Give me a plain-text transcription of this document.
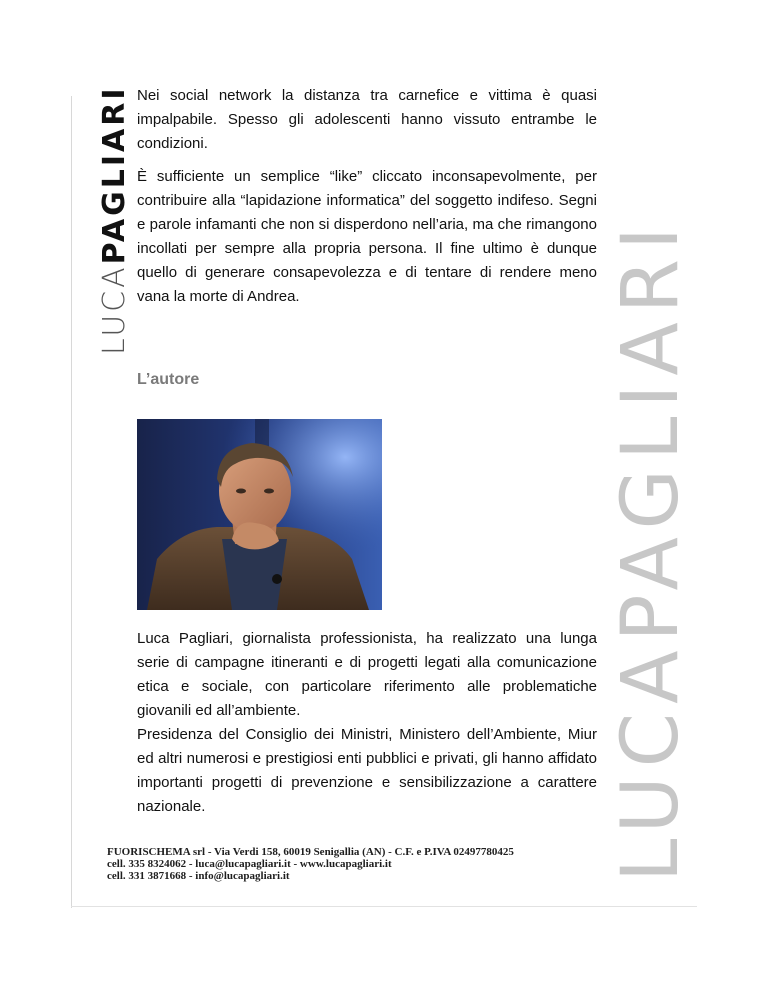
LUCAPAGLIARI
LUCAPAGLIARI

Nei social network la distanza tra carnefice e vittima è quasi impalpabile. Spesso gli adolescenti hanno vissuto entrambe le condizioni.

È sufficiente un semplice “like” cliccato inconsapevolmente, per contribuire alla “lapidazione informatica” del soggetto indifeso. Segni e parole infamanti che non si disperdono nell’aria, ma che rimangono incollati per sempre alla propria persona. Il fine ultimo è dunque quello di generare consapevolezza e di tentare di rendere meno vana la morte di Andrea.

L’autore
Luca Pagliari, giornalista professionista, ha realizzato una lunga serie di campagne itineranti e di progetti legati alla comunicazione etica e sociale, con particolare riferimento alle problematiche giovanili ed all’ambiente.
Presidenza del Consiglio dei Ministri, Ministero dell’Ambiente, Miur ed altri numerosi e prestigiosi enti pubblici e privati, gli hanno affidato importanti progetti di prevenzione e sensibilizzazione a carattere nazionale.
FUORISCHEMA srl - Via Verdi 158, 60019 Senigallia (AN) - C.F. e P.IVA 02497780425
cell. 335 8324062 - luca@lucapagliari.it - www.lucapagliari.it
cell. 331 3871668 - info@lucapagliari.it
